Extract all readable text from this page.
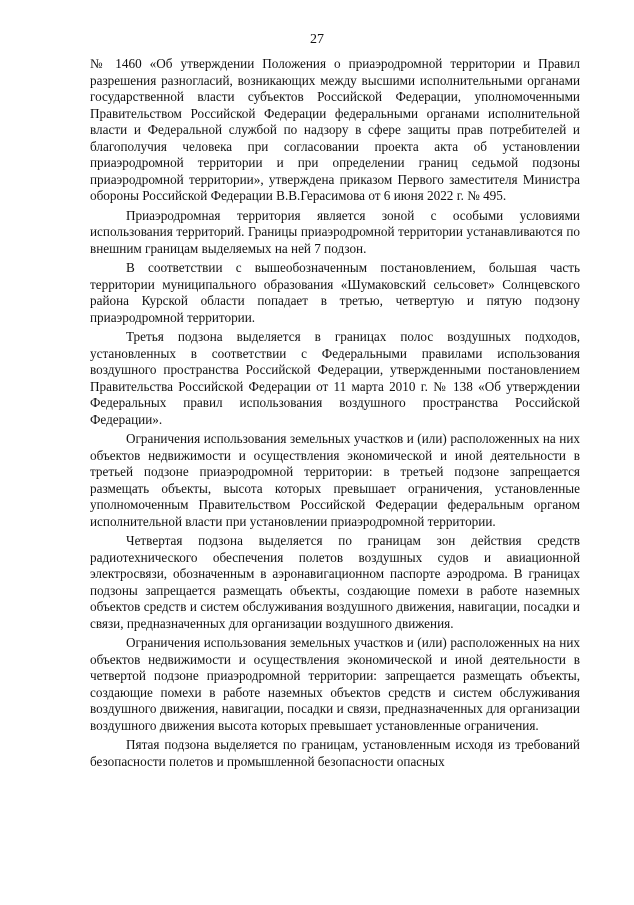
27

№ 1460 «Об утверждении Положения о приаэродромной территории и Правил разрешения разногласий, возникающих между высшими исполнительными органами государственной власти субъектов Российской Федерации, уполномоченными Правительством Российской Федерации федеральными органами исполнительной власти и Федеральной службой по надзору в сфере защиты прав потребителей и благополучия человека при согласовании проекта акта об установлении приаэродромной территории и при определении границ седьмой подзоны приаэродромной территории», утверждена приказом Первого заместителя Министра обороны Российской Федерации В.В.Герасимова от 6 июня 2022 г. № 495.

Приаэродромная территория является зоной с особыми условиями использования территорий. Границы приаэродромной территории устанавливаются по внешним границам выделяемых на ней 7 подзон.

В соответствии с вышеобозначенным постановлением, большая часть территории муниципального образования «Шумаковский сельсовет» Солнцевского района Курской области попадает в третью, четвертую и пятую подзону приаэродромной территории.

Третья подзона выделяется в границах полос воздушных подходов, установленных в соответствии с Федеральными правилами использования воздушного пространства Российской Федерации, утвержденными постановлением Правительства Российской Федерации от 11 марта 2010 г. № 138 «Об утверждении Федеральных правил использования воздушного пространства Российской Федерации».

Ограничения использования земельных участков и (или) расположенных на них объектов недвижимости и осуществления экономической и иной деятельности в третьей подзоне приаэродромной территории: в третьей подзоне запрещается размещать объекты, высота которых превышает ограничения, установленные уполномоченным Правительством Российской Федерации федеральным органом исполнительной власти при установлении приаэродромной территории.

Четвертая подзона выделяется по границам зон действия средств радиотехнического обеспечения полетов воздушных судов и авиационной электросвязи, обозначенным в аэронавигационном паспорте аэродрома. В границах подзоны запрещается размещать объекты, создающие помехи в работе наземных объектов средств и систем обслуживания воздушного движения, навигации, посадки и связи, предназначенных для организации воздушного движения.

Ограничения использования земельных участков и (или) расположенных на них объектов недвижимости и осуществления экономической и иной деятельности в четвертой подзоне приаэродромной территории: запрещается размещать объекты, создающие помехи в работе наземных объектов средств и систем обслуживания воздушного движения, навигации, посадки и связи, предназначенных для организации воздушного движения высота которых превышает установленные ограничения.

Пятая подзона выделяется по границам, установленным исходя из требований безопасности полетов и промышленной безопасности опасных
